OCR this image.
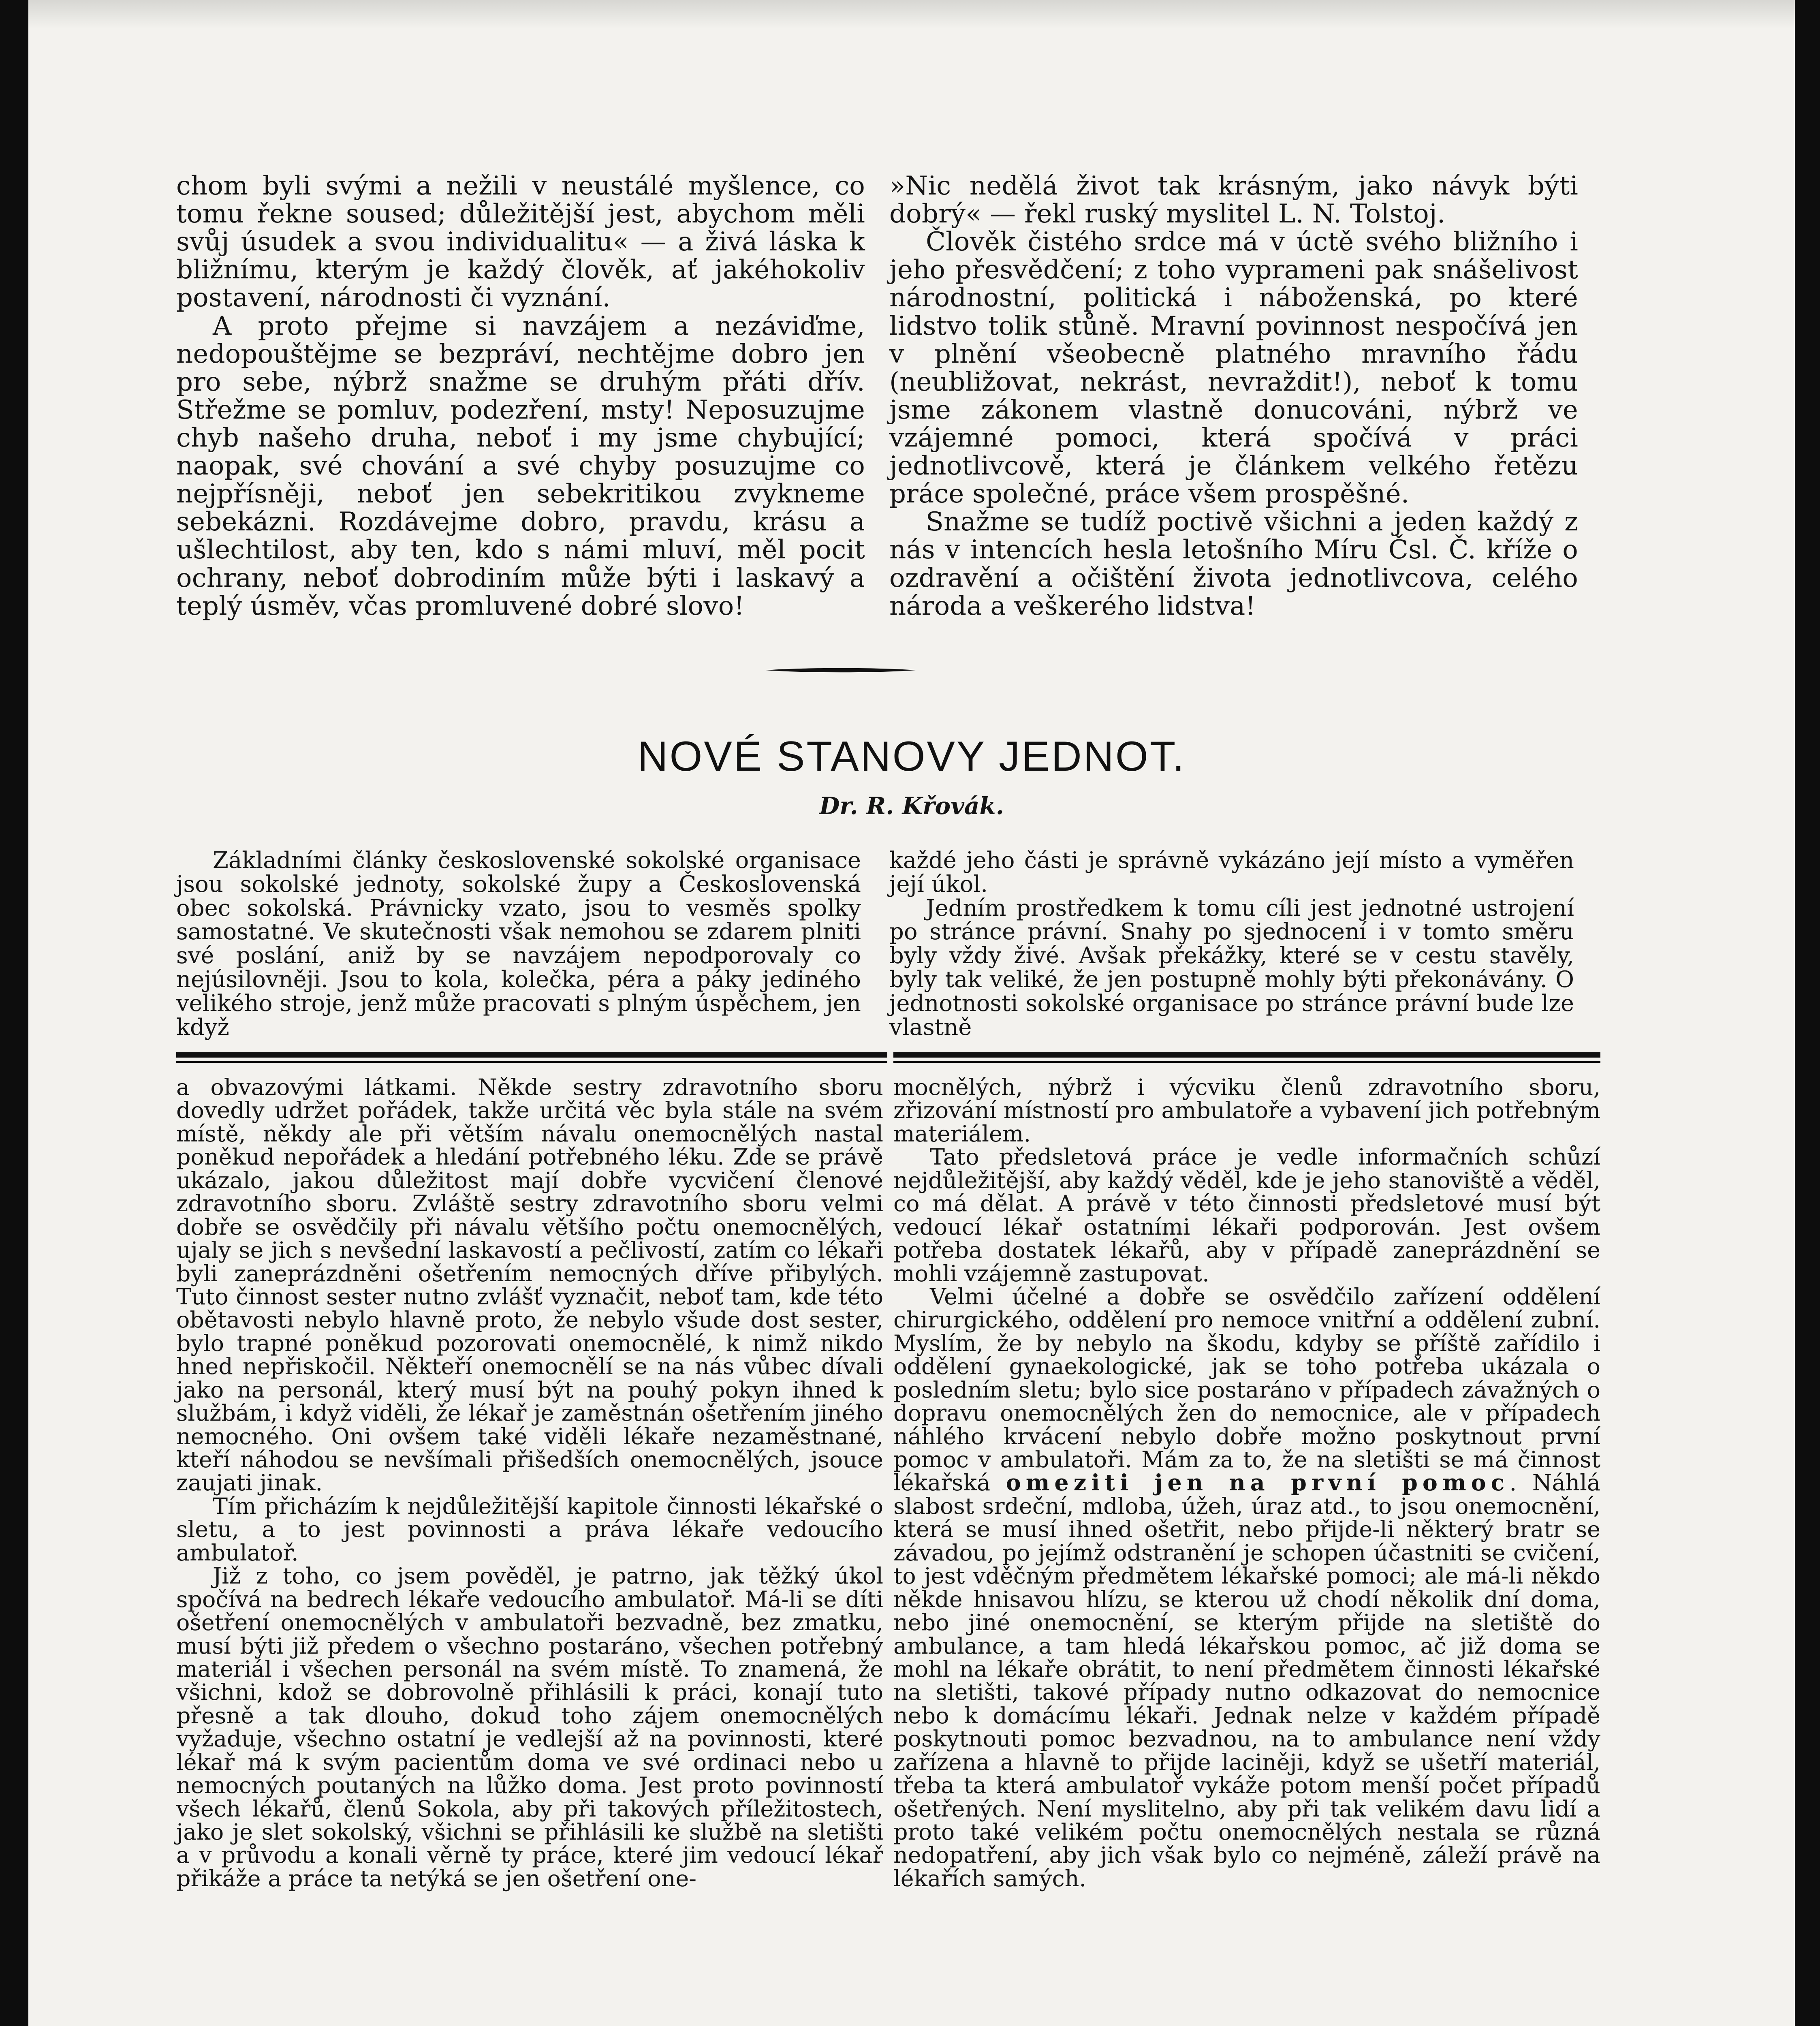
chom byli svými a nežili v neustálé myšlence, co tomu řekne soused; důležitější jest, abychom měli svůj úsudek a svou individualitu« — a živá láska k bližnímu, kterým je každý člověk, ať jakéhokoliv postavení, národnosti či vyznání.

A proto přejme si navzájem a nezáviďme, nedopouštějme se bezpráví, nechtějme dobro jen pro sebe, nýbrž snažme se druhým přáti dřív. Střežme se pomluv, podezření, msty! Neposuzujme chyb našeho druha, neboť i my jsme chybující; naopak, své chování a své chyby posuzujme co nejpřísněji, neboť jen sebekritikou zvykneme sebekázni. Rozdávejme dobro, pravdu, krásu a ušlechtilost, aby ten, kdo s námi mluví, měl pocit ochrany, neboť dobrodiním může býti i laskavý a teplý úsměv, včas promluvené dobré slovo!

»Nic nedělá život tak krásným, jako návyk býti dobrý« — řekl ruský myslitel L. N. Tolstoj.

Člověk čistého srdce má v úctě svého bližního i jeho přesvědčení; z toho vyprameni pak snášelivost národnostní, politická i náboženská, po které lidstvo tolik stůně. Mravní povinnost nespočívá jen v plnění všeobecně platného mravního řádu (neubližovat, nekrást, nevraždit!), neboť k tomu jsme zákonem vlastně donucováni, nýbrž ve vzájemné pomoci, která spočívá v práci jednotlivcově, která je článkem velkého řetězu práce společné, práce všem prospěšné.

Snažme se tudíž poctivě všichni a jeden každý z nás v intencích hesla letošního Míru Čsl. Č. kříže o ozdravění a očištění života jednotlivcova, celého národa a veškerého lidstva!

NOVÉ STANOVY JEDNOT.

Dr. R. Křovák.

Základními články československé sokolské organisace jsou sokolské jednoty, sokolské župy a Československá obec sokolská. Právnicky vzato, jsou to vesměs spolky samostatné. Ve skutečnosti však nemohou se zdarem plniti své poslání, aniž by se navzájem nepodporovaly co nejúsilovněji. Jsou to kola, kolečka, péra a páky jediného velikého stroje, jenž může pracovati s plným úspěchem, jen když

každé jeho části je správně vykázáno její místo a vyměřen její úkol.

Jedním prostředkem k tomu cíli jest jednotné ustrojení po stránce právní. Snahy po sjednocení i v tomto směru byly vždy živé. Avšak překážky, které se v cestu stavěly, byly tak veliké, že jen postupně mohly býti překonávány. O jednotnosti sokolské organisace po stránce právní bude lze vlastně

a obvazovými látkami. Někde sestry zdravotního sboru dovedly udržet pořádek, takže určitá věc byla stále na svém místě, někdy ale při větším návalu onemocnělých nastal poněkud nepořádek a hledání potřebného léku. Zde se právě ukázalo, jakou důležitost mají dobře vycvičení členové zdravotního sboru. Zvláště sestry zdravotního sboru velmi dobře se osvědčily při návalu většího počtu onemocnělých, ujaly se jich s nevšední laskavostí a pečlivostí, zatím co lékaři byli zaneprázdněni ošetřením nemocných dříve přibylých. Tuto činnost sester nutno zvlášť vyznačit, neboť tam, kde této obětavosti nebylo hlavně proto, že nebylo všude dost sester, bylo trapné poněkud pozorovati onemocnělé, k nimž nikdo hned nepřiskočil. Někteří onemocnělí se na nás vůbec dívali jako na personál, který musí být na pouhý pokyn ihned k službám, i když viděli, že lékař je zaměstnán ošetřením jiného nemocného. Oni ovšem také viděli lékaře nezaměstnané, kteří náhodou se nevšímali přišedších onemocnělých, jsouce zaujati jinak.

Tím přicházím k nejdůležitější kapitole činnosti lékařské o sletu, a to jest povinnosti a práva lékaře vedoucího ambulatoř.

Již z toho, co jsem pověděl, je patrno, jak těžký úkol spočívá na bedrech lékaře vedoucího ambulatoř. Má-li se díti ošetření onemocnělých v ambulatoři bezvadně, bez zmatku, musí býti již předem o všechno postaráno, všechen potřebný materiál i všechen personál na svém místě. To znamená, že všichni, kdož se dobrovolně přihlásili k práci, konají tuto přesně a tak dlouho, dokud toho zájem onemocnělých vyžaduje, všechno ostatní je vedlejší až na povinnosti, které lékař má k svým pacientům doma ve své ordinaci nebo u nemocných poutaných na lůžko doma. Jest proto povinností všech lékařů, členů Sokola, aby při takových příležitostech, jako je slet sokolský, všichni se přihlásili ke službě na sletišti a v průvodu a konali věrně ty práce, které jim vedoucí lékař přikáže a práce ta netýká se jen ošetření one-

mocnělých, nýbrž i výcviku členů zdravotního sboru, zřizování místností pro ambulatoře a vybavení jich potřebným materiálem.

Tato předsletová práce je vedle informačních schůzí nejdůležitější, aby každý věděl, kde je jeho stanoviště a věděl, co má dělat. A právě v této činnosti předsletové musí být vedoucí lékař ostatními lékaři podporován. Jest ovšem potřeba dostatek lékařů, aby v případě zaneprázdnění se mohli vzájemně zastupovat.

Velmi účelné a dobře se osvědčilo zařízení oddělení chirurgického, oddělení pro nemoce vnitřní a oddělení zubní. Myslím, že by nebylo na škodu, kdyby se příště zařídilo i oddělení gynaekologické, jak se toho potřeba ukázala o posledním sletu; bylo sice postaráno v případech závažných o dopravu onemocnělých žen do nemocnice, ale v případech náhlého krvácení nebylo dobře možno poskytnout první pomoc v ambulatoři. Mám za to, že na sletišti se má činnost lékařská omeziti jen na první pomoc. Náhlá slabost srdeční, mdloba, úžeh, úraz atd., to jsou onemocnění, která se musí ihned ošetřit, nebo přijde-li některý bratr se závadou, po jejímž odstranění je schopen účastniti se cvičení, to jest vděčným předmětem lékařské pomoci; ale má-li někdo někde hnisavou hlízu, se kterou už chodí několik dní doma, nebo jiné onemocnění, se kterým přijde na sletiště do ambulance, a tam hledá lékařskou pomoc, ač již doma se mohl na lékaře obrátit, to není předmětem činnosti lékařské na sletišti, takové případy nutno odkazovat do nemocnice nebo k domácímu lékaři. Jednak nelze v každém případě poskytnouti pomoc bezvadnou, na to ambulance není vždy zařízena a hlavně to přijde laciněji, když se ušetří materiál, třeba ta která ambulatoř vykáže potom menší počet případů ošetřených. Není myslitelno, aby při tak velikém davu lidí a proto také velikém počtu onemocnělých nestala se různá nedopatření, aby jich však bylo co nejméně, záleží právě na lékařích samých.
